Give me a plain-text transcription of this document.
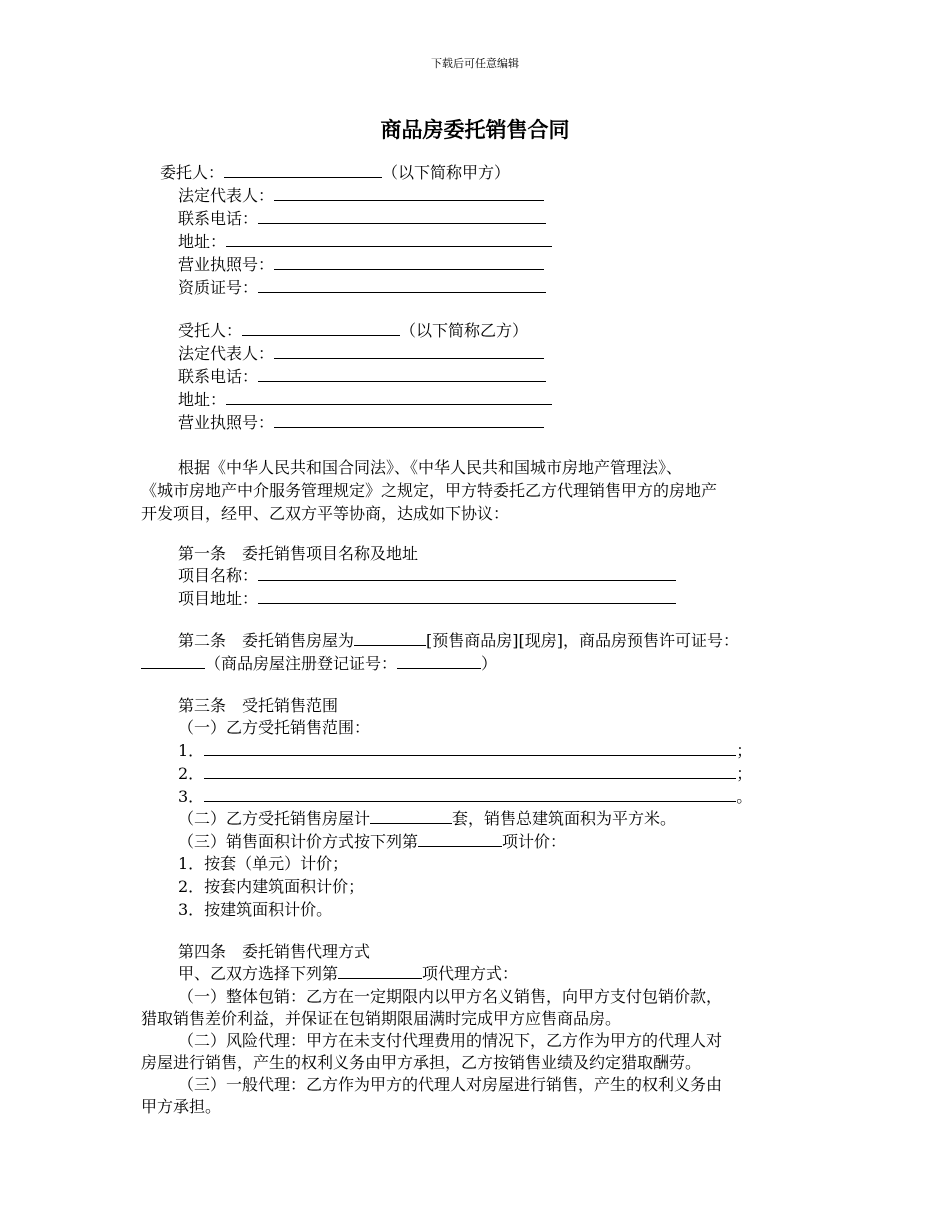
下载后可任意编辑
商品房委托销售合同
委托人：	（以下简称甲方）
法定代表人：
联系电话：
地址：
营业执照号：
资质证号：
受托人：	（以下简称乙方）
法定代表人：
联系电话：
地址：
营业执照号：
根据《中华人民共和国合同法》、《中华人民共和国城市房地产管理法》、
《城市房地产中介服务管理规定》之规定，甲方特委托乙方代理销售甲方的房地产
开发项目，经甲、乙双方平等协商，达成如下协议：
第一条　委托销售项目名称及地址
项目名称：
项目地址：
第二条　委托销售房屋为	[预售商品房][现房]，商品房预售许可证号：
（商品房屋注册登记证号：	）
第三条　受托销售范围
（一）乙方受托销售范围：
1．	；
2．	；
3．	。
（二）乙方受托销售房屋计	套，销售总建筑面积为平方米。
（三）销售面积计价方式按下列第	项计价：
1．按套（单元）计价；
2．按套内建筑面积计价；
3．按建筑面积计价。
第四条　委托销售代理方式
甲、乙双方选择下列第	项代理方式：
（一）整体包销：乙方在一定期限内以甲方名义销售，向甲方支付包销价款，
猎取销售差价利益，并保证在包销期限届满时完成甲方应售商品房。
（二）风险代理：甲方在未支付代理费用的情况下，乙方作为甲方的代理人对
房屋进行销售，产生的权利义务由甲方承担，乙方按销售业绩及约定猎取酬劳。
（三）一般代理：乙方作为甲方的代理人对房屋进行销售，产生的权利义务由
甲方承担。
